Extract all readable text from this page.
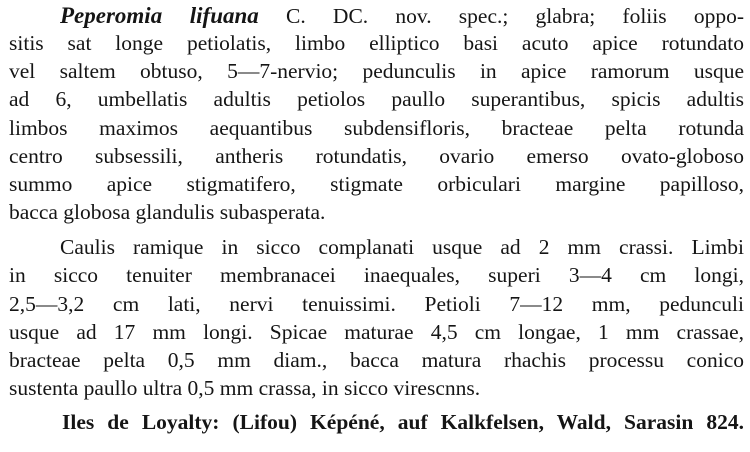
Peperomia lifuana C. DC. nov. spec.; glabra; foliis oppo-
sitis sat longe petiolatis, limbo elliptico basi acuto apice rotundato
vel saltem obtuso, 5—7-nervio; pedunculis in apice ramorum usque
ad 6, umbellatis adultis petiolos paullo superantibus, spicis adultis
limbos maximos aequantibus subdensifloris, bracteae pelta rotunda
centro subsessili, antheris rotundatis, ovario emerso ovato-globoso
summo apice stigmatifero, stigmate orbiculari margine papilloso,
bacca globosa glandulis subasperata.
Caulis ramique in sicco complanati usque ad 2 mm crassi. Limbi
in sicco tenuiter membranacei inaequales, superi 3—4 cm longi,
2,5—3,2 cm lati, nervi tenuissimi. Petioli 7—12 mm, pedunculi
usque ad 17 mm longi. Spicae maturae 4,5 cm longae, 1 mm crassae,
bracteae pelta 0,5 mm diam., bacca matura rhachis processu conico
sustenta paullo ultra 0,5 mm crassa, in sicco virescnns.
Iles de Loyalty: (Lifou) Képéné, auf Kalkfelsen, Wald, Sarasin 824.
